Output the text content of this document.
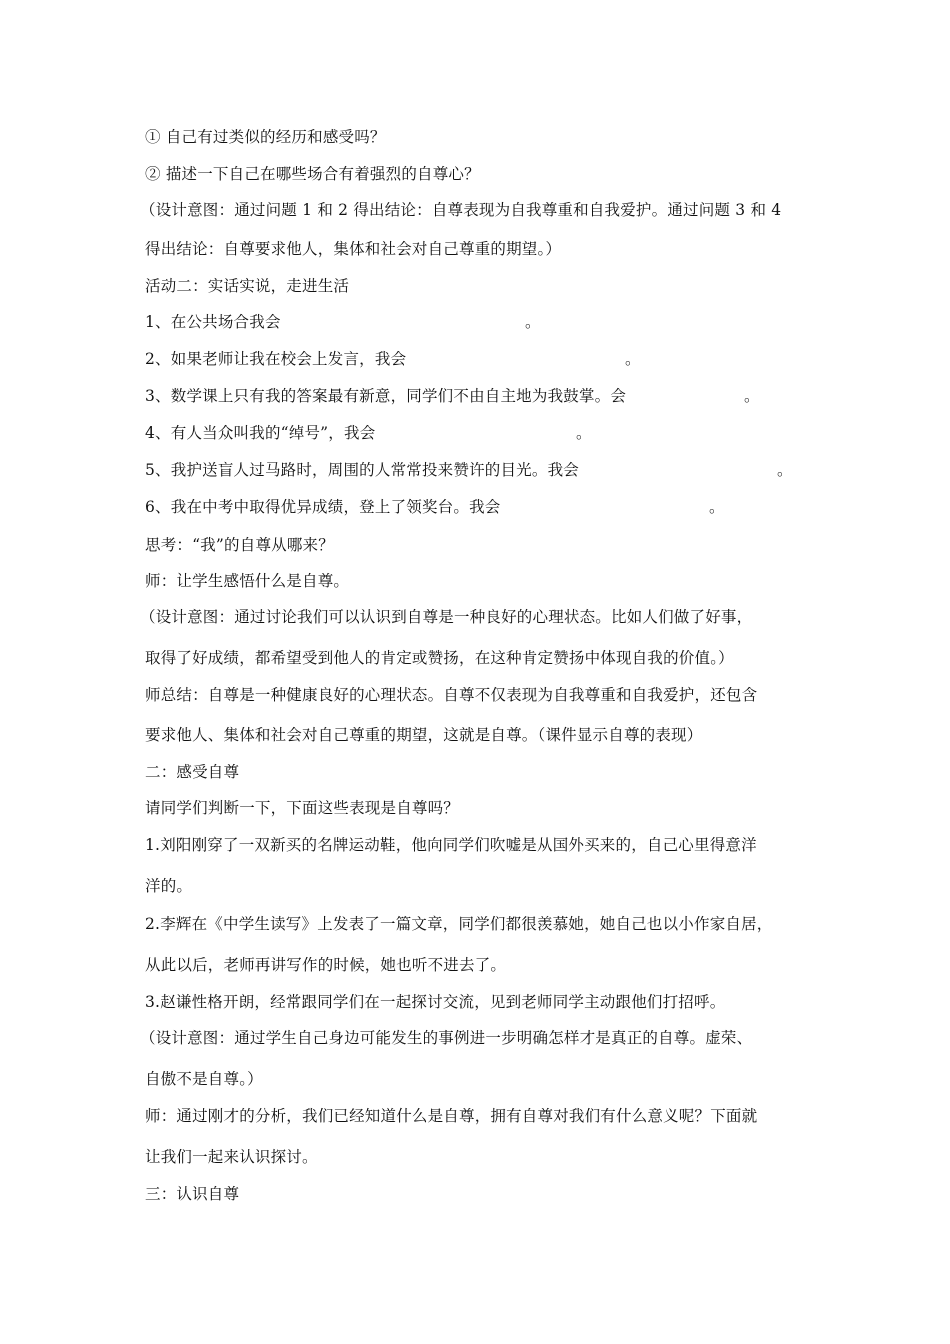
① 自己有过类似的经历和感受吗？
② 描述一下自己在哪些场合有着强烈的自尊心？
（设计意图：通过问题 1 和 2 得出结论：自尊表现为自我尊重和自我爱护。通过问题 3 和 4
得出结论：自尊要求他人，集体和社会对自己尊重的期望。）
活动二：实话实说，走进生活
1、在公共场合我会	。
2、如果老师让我在校会上发言，我会	。
3、数学课上只有我的答案最有新意，同学们不由自主地为我鼓掌。会	。
4、有人当众叫我的“绰号”，我会	。
5、我护送盲人过马路时，周围的人常常投来赞许的目光。我会	。
6、我在中考中取得优异成绩，登上了领奖台。我会	。
思考：“我”的自尊从哪来？
师：让学生感悟什么是自尊。
（设计意图：通过讨论我们可以认识到自尊是一种良好的心理状态。比如人们做了好事，
取得了好成绩，都希望受到他人的肯定或赞扬，在这种肯定赞扬中体现自我的价值。）
师总结：自尊是一种健康良好的心理状态。自尊不仅表现为自我尊重和自我爱护，还包含
要求他人、集体和社会对自己尊重的期望，这就是自尊。（课件显示自尊的表现）
二：感受自尊
请同学们判断一下，下面这些表现是自尊吗？
1.刘阳刚穿了一双新买的名牌运动鞋，他向同学们吹嘘是从国外买来的，自己心里得意洋
洋的。
2.李辉在《中学生读写》上发表了一篇文章，同学们都很羡慕她，她自己也以小作家自居，
从此以后，老师再讲写作的时候，她也听不进去了。
3.赵谦性格开朗，经常跟同学们在一起探讨交流，见到老师同学主动跟他们打招呼。
（设计意图：通过学生自己身边可能发生的事例进一步明确怎样才是真正的自尊。虚荣、
自傲不是自尊。）
师：通过刚才的分析，我们已经知道什么是自尊，拥有自尊对我们有什么意义呢？下面就
让我们一起来认识探讨。
三：认识自尊
